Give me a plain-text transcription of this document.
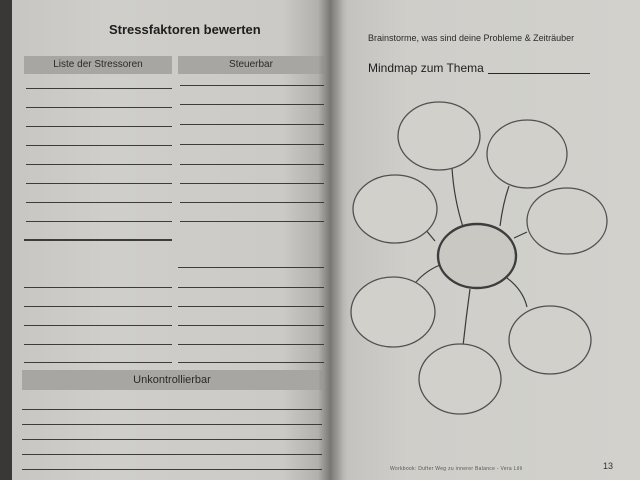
Stressfaktoren bewerten
Liste der Stressoren	Steuerbar
Unkontrollierbar
Brainstorme, was sind deine Probleme & Zeiträuber
Mindmap zum Thema
Workbook: Dufter Weg zu innerer Balance - Vera Lilli	13
